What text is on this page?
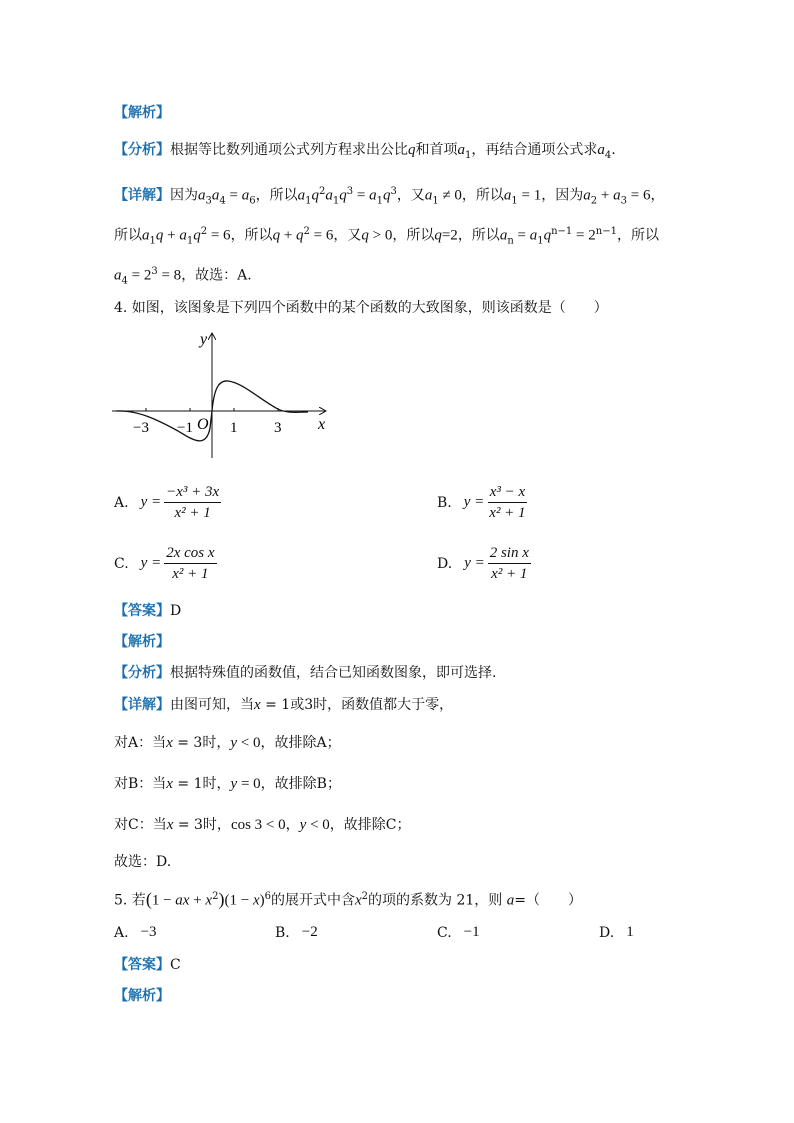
【解析】
【分析】根据等比数列通项公式列方程求出公比q和首项$a_1$，再结合通项公式求$a_4$.
【详解】因为$a_3a_4 = a_6$，所以$a_1q^2a_1q^3 = a_1q^3$，又$a_1 \ne 0$，所以$a_1 = 1$，因为$a_2 + a_3 = 6$，
所以$a_1q + a_1q^2 = 6$，所以$q + q^2 = 6$，又q > 0，所以q=2，所以$a_n = a_1q^{n-1} = 2^{n-1}$，所以
$a_4 = 2^3 = 8$，故选：A.
4. 如图，该图象是下列四个函数中的某个函数的大致图象，则该函数是（　　）
y
x
O
−3 −1 1 3
A. $y = \frac{\text{−x³ + 3x}}{\text{x² + 1}}$	B. $y = \frac{\text{x³ − x}}{\text{x² + 1}}$
C. $y = \frac{\text{2x cos x}}{\text{x² + 1}}$	D. $y = \frac{\text{2 sin x}}{\text{x² + 1}}$
【答案】D
【解析】
【分析】根据特殊值的函数值，结合已知函数图象，即可选择.
【详解】由图可知，当x = 1或3时，函数值都大于零，
对A：当x = 3时，y < 0，故排除A；
对B：当x = 1时，y = 0，故排除B；
对C：当x = 3时，cos 3 < 0，y < 0，故排除C；
故选：D.
5. 若(1 − ax + $x^2)(1 - x)^6$的展开式中含$x^2$的项的系数为 21，则 a=（　　）
A. −3	B. −2	C. −1	D. 1
【答案】C
【解析】
